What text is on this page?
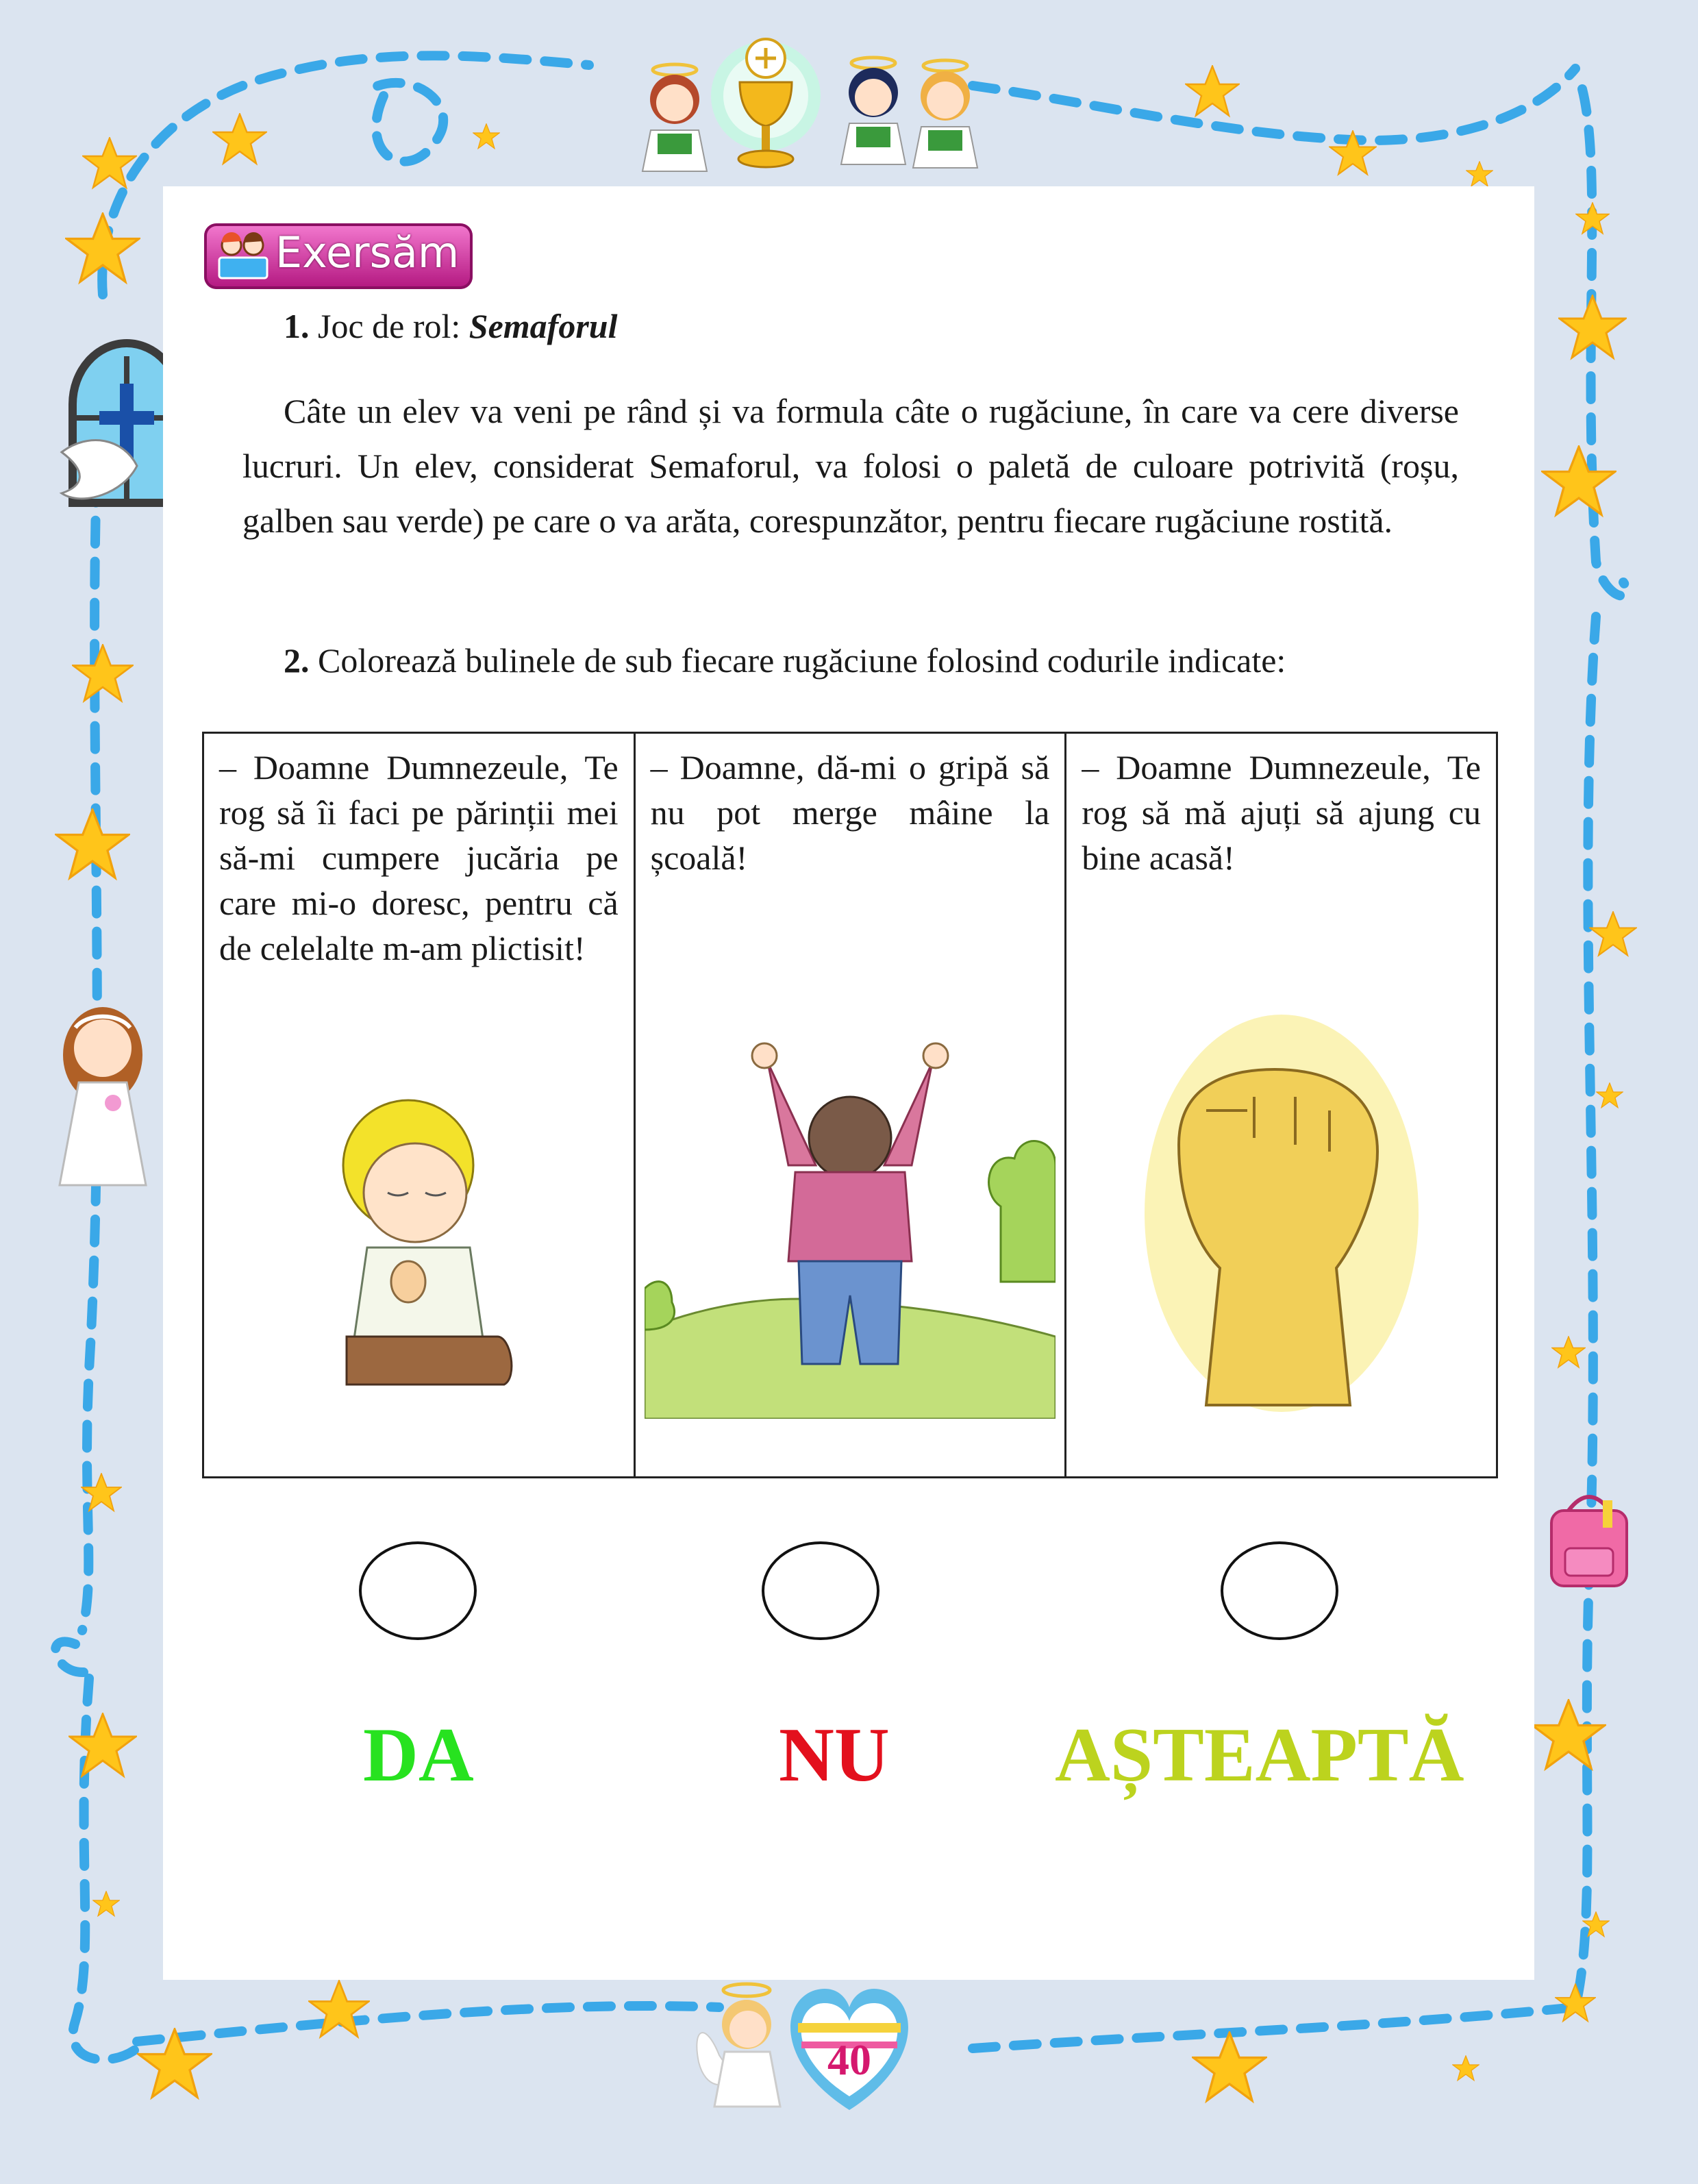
Exersăm

1. Joc de rol: Semaforul

Câte un elev va veni pe rând și va formula câte o rugăciune, în care va cere diverse lucruri. Un elev, considerat Semaforul, va folosi o paletă de culoare potrivită (roșu, galben sau verde) pe care o va arăta, corespunzător, pentru fiecare rugăciune rostită.

2. Colorează bulinele de sub fiecare rugăciune folosind codurile indicate:

– Doamne Dumnezeule, Te rog să îi faci pe părinții mei să-mi cumpere jucăria pe care mi-o doresc, pentru că de celelalte m-am plictisit!

– Doamne, dă-mi o gripă să nu pot merge mâine la școală!

– Doamne Dumnezeule, Te rog să mă ajuți să ajung cu bine acasă!

DA	NU AȘTEAPTĂ
40
